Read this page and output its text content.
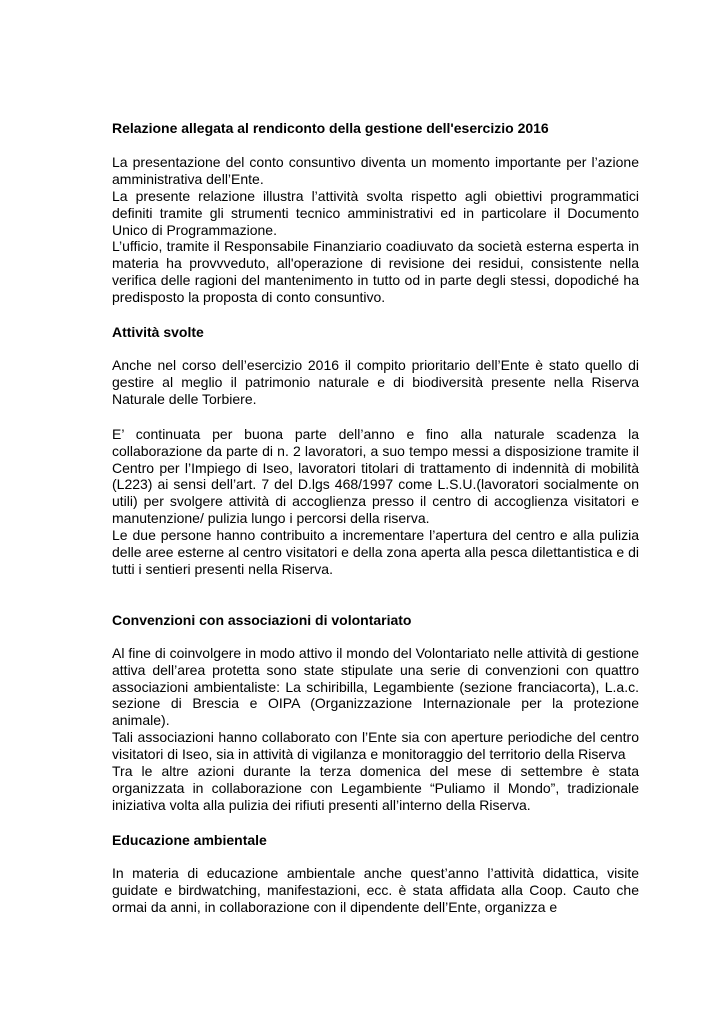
Relazione allegata al rendiconto della gestione dell'esercizio 2016

La presentazione del conto consuntivo diventa un momento importante per l’azione amministrativa dell’Ente.

La presente relazione illustra l’attività svolta rispetto agli obiettivi programmatici definiti tramite gli strumenti tecnico amministrativi ed in particolare il Documento Unico di Programmazione.

L’ufficio, tramite il Responsabile Finanziario coadiuvato da società esterna esperta in materia ha provvveduto, all'operazione di revisione dei residui, consistente nella verifica delle ragioni del mantenimento in tutto od in parte degli stessi, dopodiché ha predisposto la proposta di conto consuntivo.

Attività svolte

Anche nel corso dell’esercizio 2016 il compito prioritario dell’Ente è stato quello di gestire al meglio il patrimonio naturale e di biodiversità presente nella Riserva Naturale delle Torbiere.

E’ continuata per buona parte dell’anno e fino alla naturale scadenza la collaborazione da parte di n. 2 lavoratori, a suo tempo messi a disposizione tramite il Centro per l’Impiego di Iseo, lavoratori titolari di trattamento di indennità di mobilità (L223) ai sensi dell’art. 7 del D.lgs 468/1997 come L.S.U.(lavoratori socialmente on utili) per svolgere attività di accoglienza presso il centro di accoglienza visitatori e manutenzione/ pulizia lungo i percorsi della riserva.

Le due persone hanno contribuito a incrementare l’apertura del centro e alla pulizia delle aree esterne al centro visitatori e della zona aperta alla pesca dilettantistica e di tutti i sentieri presenti nella Riserva.

Convenzioni con associazioni di volontariato

Al fine di coinvolgere in modo attivo il mondo del Volontariato nelle attività di gestione attiva dell’area protetta sono state stipulate una serie di convenzioni con quattro associazioni ambientaliste: La schiribilla, Legambiente (sezione franciacorta), L.a.c. sezione di Brescia e OIPA (Organizzazione Internazionale per la protezione animale).

Tali associazioni hanno collaborato con l’Ente sia con aperture periodiche del centro visitatori di Iseo, sia in attività di vigilanza e monitoraggio del territorio della Riserva

Tra le altre azioni durante la terza domenica del mese di settembre è stata organizzata in collaborazione con Legambiente “Puliamo il Mondo”, tradizionale iniziativa volta alla pulizia dei rifiuti presenti all’interno della Riserva.

Educazione ambientale

In materia di educazione ambientale anche quest’anno l’attività didattica, visite guidate e birdwatching, manifestazioni, ecc. è stata affidata alla Coop. Cauto che ormai da anni, in collaborazione con il dipendente dell’Ente, organizza e
